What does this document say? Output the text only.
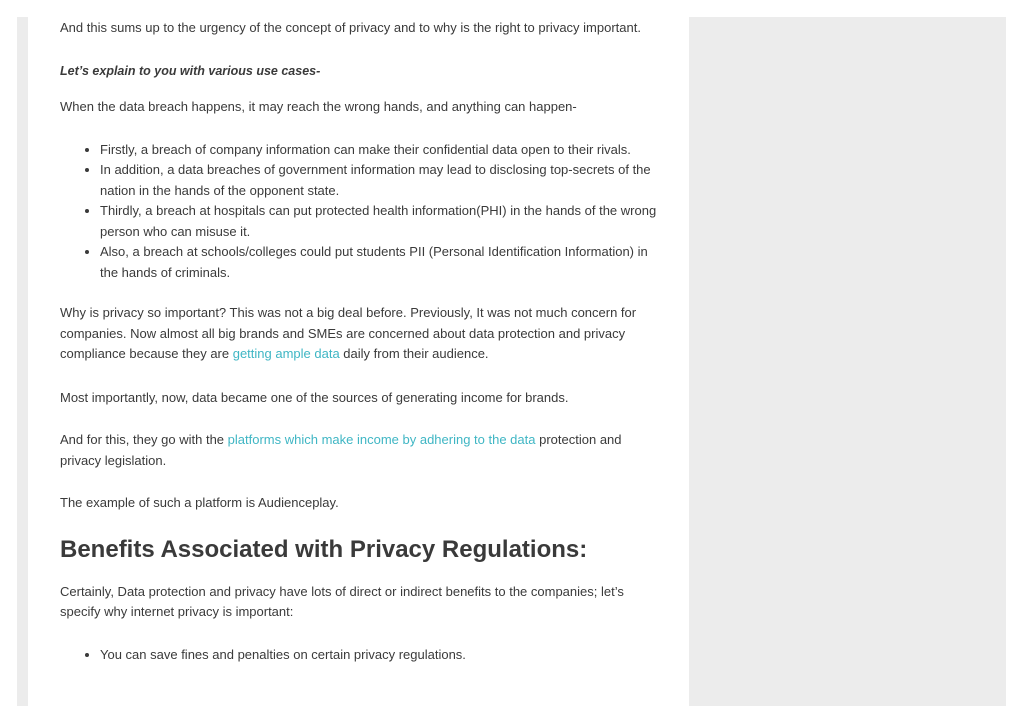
And this sums up to the urgency of the concept of privacy and to why is the right to privacy important.

Let’s explain to you with various use cases-

When the data breach happens, it may reach the wrong hands, and anything can happen-

• Firstly, a breach of company information can make their confidential data open to their rivals.
• In addition, a data breaches of government information may lead to disclosing top-secrets of the nation in the hands of the opponent state.
• Thirdly, a breach at hospitals can put protected health information(PHI) in the hands of the wrong person who can misuse it.
• Also, a breach at schools/colleges could put students PII (Personal Identification Information) in the hands of criminals.

Why is privacy so important? This was not a big deal before. Previously, It was not much concern for companies. Now almost all big brands and SMEs are concerned about data protection and privacy compliance because they are getting ample data daily from their audience.

Most importantly, now, data became one of the sources of generating income for brands.

And for this, they go with the platforms which make income by adhering to the data protection and privacy legislation.

The example of such a platform is Audienceplay.

Benefits Associated with Privacy Regulations:

Certainly, Data protection and privacy have lots of direct or indirect benefits to the companies; let’s specify why internet privacy is important:

• You can save fines and penalties on certain privacy regulations.
